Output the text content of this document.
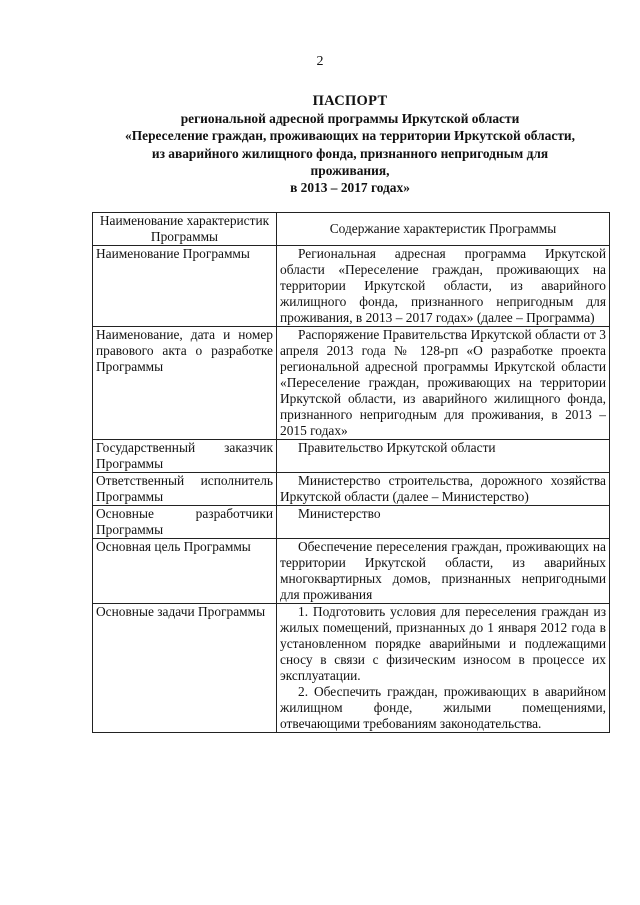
2
ПАСПОРТ
региональной адресной программы Иркутской области
«Переселение граждан, проживающих на территории Иркутской области,
из аварийного жилищного фонда, признанного непригодным для
проживания,
в 2013 – 2017 годах»
Наименование характеристик Программы	Содержание характеристик Программы
Наименование Программы	Региональная адресная программа Иркутской области «Переселение граждан, проживающих на территории Иркутской области, из аварийного жилищного фонда, признанного непригодным для проживания, в 2013 – 2017 годах» (далее – Программа)

Наименование, дата и номер правового акта о разработке Программы	Распоряжение Правительства Иркутской области от 3 апреля 2013 года № 128-рп «О разработке проекта региональной адресной программы Иркутской области «Переселение граждан, проживающих на территории Иркутской области, из аварийного жилищного фонда, признанного непригодным для проживания, в 2013 – 2015 годах»

Государственный заказчик Программы	Правительство Иркутской области

Ответственный исполнитель Программы	Министерство строительства, дорожного хозяйства Иркутской области (далее – Министерство)

Основные разработчики Программы	Министерство

Основная цель Программы	Обеспечение переселения граждан, проживающих на территории Иркутской области, из аварийных многоквартирных домов, признанных непригодными для проживания

Основные задачи Программы	1. Подготовить условия для переселения граждан из жилых помещений, признанных до 1 января 2012 года в установленном порядке аварийными и подлежащими сносу в связи с физическим износом в процессе их эксплуатации.

2. Обеспечить граждан, проживающих в аварийном жилищном фонде, жилыми помещениями, отвечающими требованиям законодательства.
